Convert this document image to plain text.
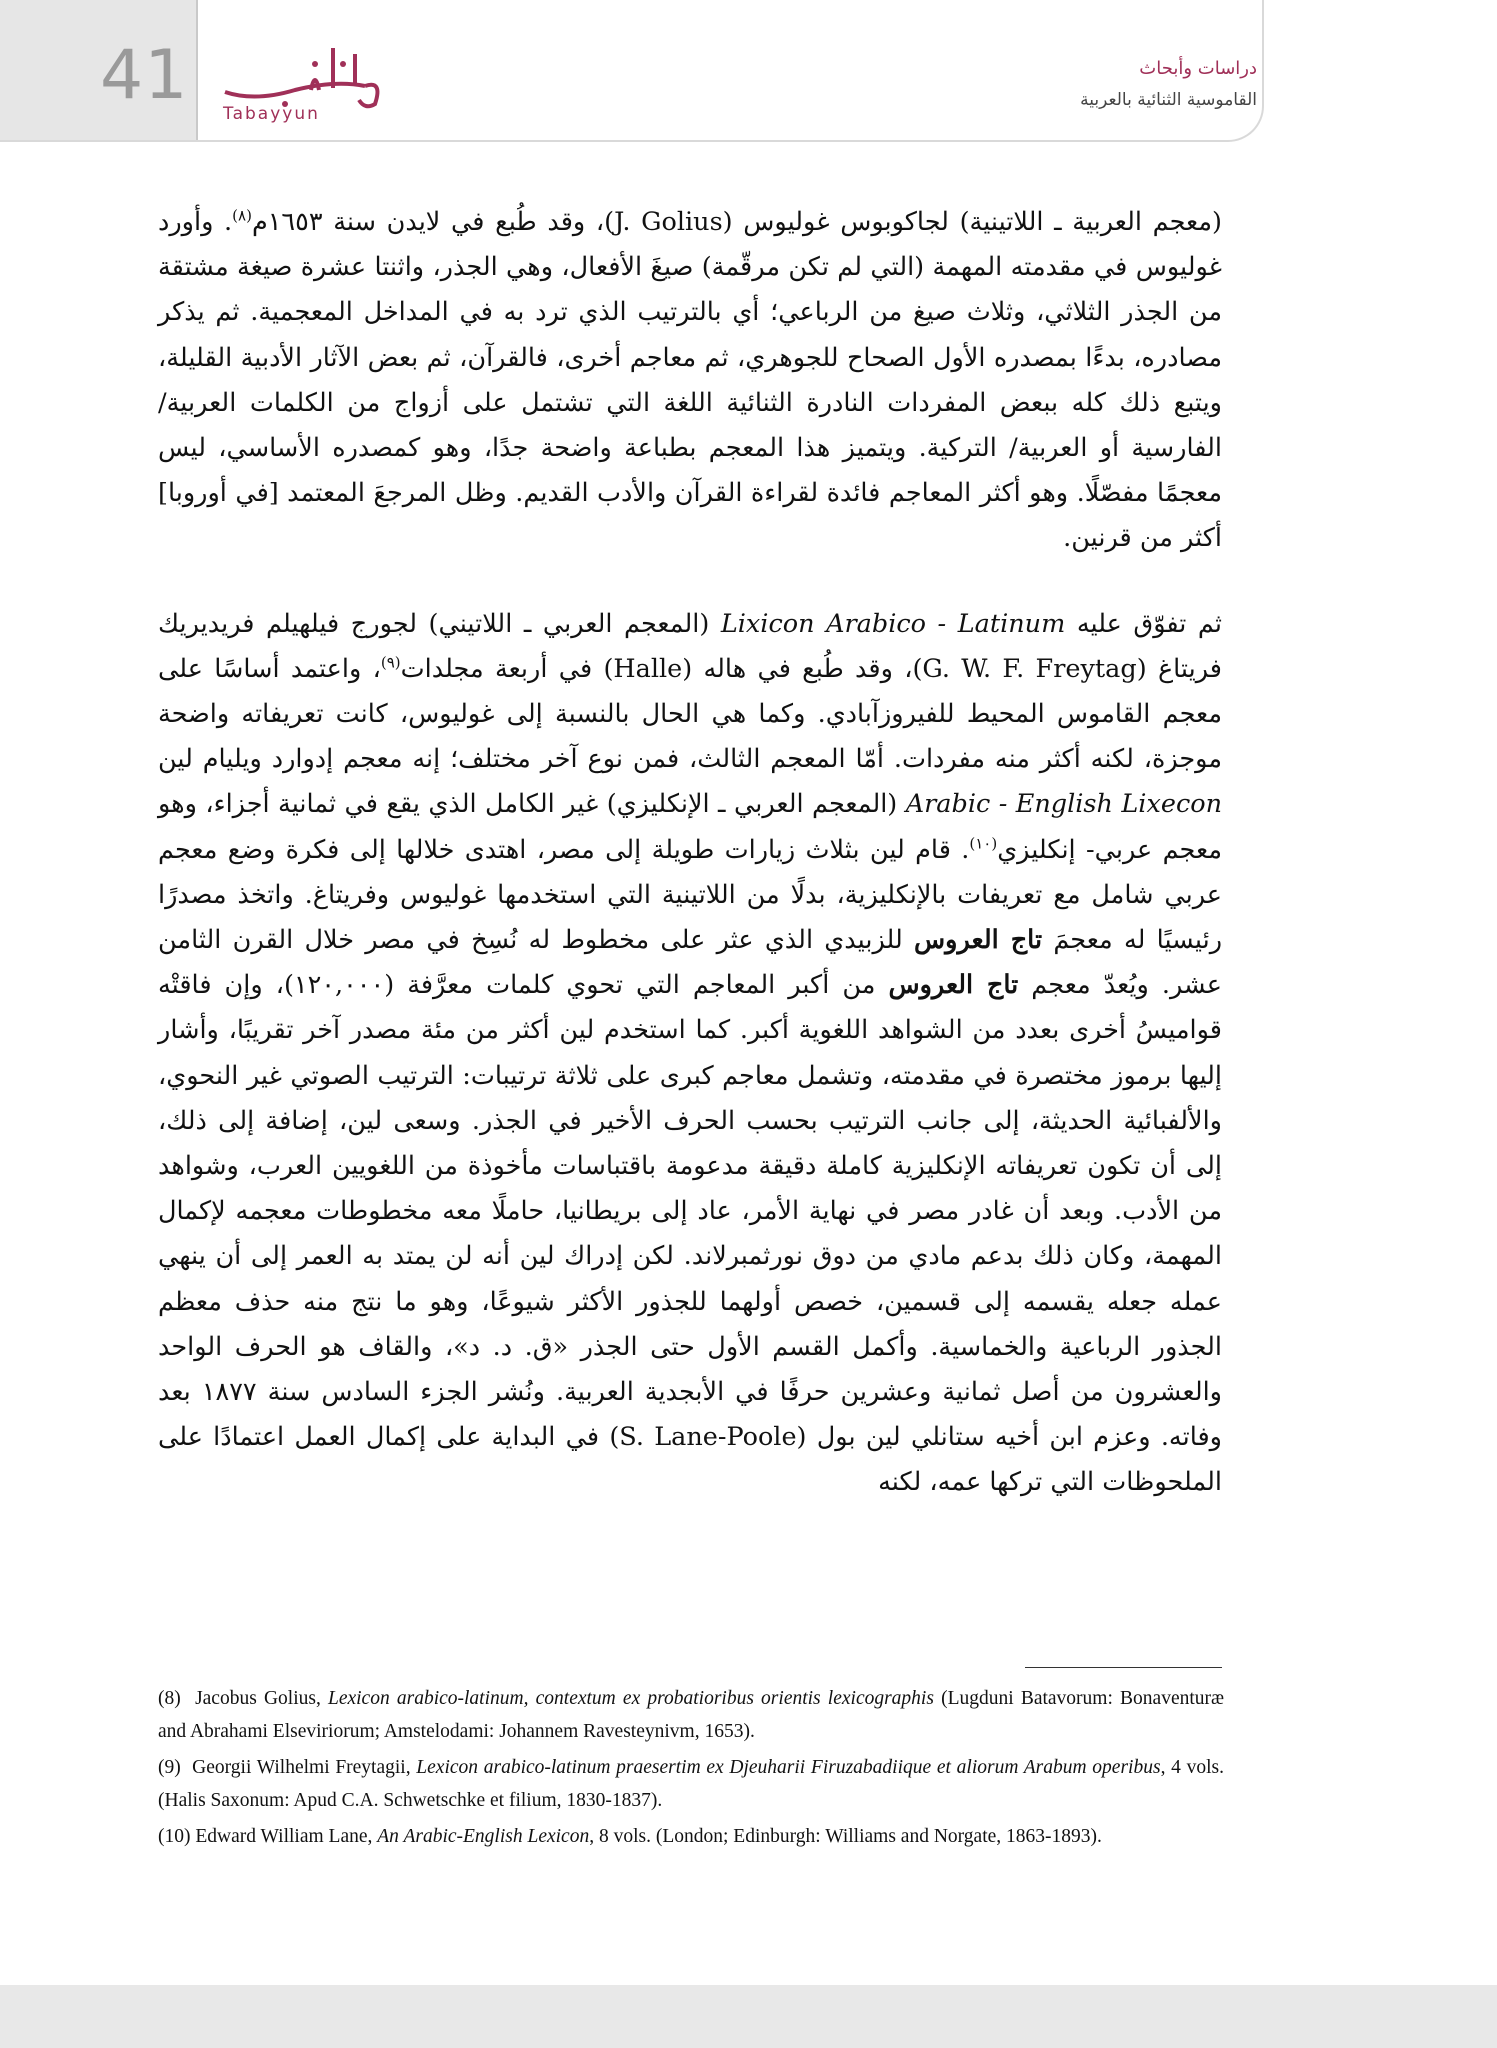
41	Tabayyun
دراسات وأبحاث
القاموسية الثنائية بالعربية

(معجم العربية ـ اللاتينية) لجاكوبوس غوليوس (J. Golius)، وقد طُبع في لايدن سنة ١٦٥٣م$^{(٨)}$. وأورد غوليوس في مقدمته المهمة (التي لم تكن مرقّمة) صيغَ الأفعال، وهي الجذر، واثنتا عشرة صيغة مشتقة من الجذر الثلاثي، وثلاث صيغ من الرباعي؛ أي بالترتيب الذي ترد به في المداخل المعجمية. ثم يذكر مصادره، بدءًا بمصدره الأول الصحاح للجوهري، ثم معاجم أخرى، فالقرآن، ثم بعض الآثار الأدبية القليلة، ويتبع ذلك كله ببعض المفردات النادرة الثنائية اللغة التي تشتمل على أزواج من الكلمات العربية/ الفارسية أو العربية/ التركية. ويتميز هذا المعجم بطباعة واضحة جدًا، وهو كمصدره الأساسي، ليس معجمًا مفصّلًا. وهو أكثر المعاجم فائدة لقراءة القرآن والأدب القديم. وظل المرجعَ المعتمد [في أوروبا] أكثر من قرنين.

ثم تفوّق عليه Lixicon Arabico - Latinum (المعجم العربي ـ اللاتيني) لجورج فيلهيلم فريديريك فريتاغ (G. W. F. Freytag)، وقد طُبع في هاله (Halle) في أربعة مجلدات$^{(٩)}$، واعتمد أساسًا على معجم القاموس المحيط للفيروزآبادي. وكما هي الحال بالنسبة إلى غوليوس، كانت تعريفاته واضحة موجزة، لكنه أكثر منه مفردات. أمّا المعجم الثالث، فمن نوع آخر مختلف؛ إنه معجم إدوارد ويليام لين Arabic - English Lixecon (المعجم العربي ـ الإنكليزي) غير الكامل الذي يقع في ثمانية أجزاء، وهو معجم عربي- إنكليزي$^{(١٠)}$. قام لين بثلاث زيارات طويلة إلى مصر، اهتدى خلالها إلى فكرة وضع معجم عربي شامل مع تعريفات بالإنكليزية، بدلًا من اللاتينية التي استخدمها غوليوس وفريتاغ. واتخذ مصدرًا رئيسيًا له معجمَ تاج العروس للزبيدي الذي عثر على مخطوط له نُسِخ في مصر خلال القرن الثامن عشر. ويُعدّ معجم تاج العروس من أكبر المعاجم التي تحوي كلمات معرَّفة (١٢٠,٠٠٠)، وإن فاقتْه قواميسُ أخرى بعدد من الشواهد اللغوية أكبر. كما استخدم لين أكثر من مئة مصدر آخر تقريبًا، وأشار إليها برموز مختصرة في مقدمته، وتشمل معاجم كبرى على ثلاثة ترتيبات: الترتيب الصوتي غير النحوي، والألفبائية الحديثة، إلى جانب الترتيب بحسب الحرف الأخير في الجذر. وسعى لين، إضافة إلى ذلك، إلى أن تكون تعريفاته الإنكليزية كاملة دقيقة مدعومة باقتباسات مأخوذة من اللغويين العرب، وشواهد من الأدب. وبعد أن غادر مصر في نهاية الأمر، عاد إلى بريطانيا، حاملًا معه مخطوطات معجمه لإكمال المهمة، وكان ذلك بدعم مادي من دوق نورثمبرلاند. لكن إدراك لين أنه لن يمتد به العمر إلى أن ينهي عمله جعله يقسمه إلى قسمين، خصص أولهما للجذور الأكثر شيوعًا، وهو ما نتج منه حذف معظم الجذور الرباعية والخماسية. وأكمل القسم الأول حتى الجذر «ق. د. د»، والقاف هو الحرف الواحد والعشرون من أصل ثمانية وعشرين حرفًا في الأبجدية العربية. ونُشر الجزء السادس سنة ١٨٧٧ بعد وفاته. وعزم ابن أخيه ستانلي لين بول (S. Lane-Poole) في البداية على إكمال العمل اعتمادًا على الملحوظات التي تركها عمه، لكنه

(8) Jacobus Golius, Lexicon arabico-latinum, contextum ex probatioribus orientis lexicographis (Lugduni Batavorum: Bonaventuræ and Abrahami Elseviriorum; Amstelodami: Johannem Ravesteynivm, 1653).

(9) Georgii Wilhelmi Freytagii, Lexicon arabico-latinum praesertim ex Djeuharii Firuzabadiique et aliorum Arabum operibus, 4 vols. (Halis Saxonum: Apud C.A. Schwetschke et filium, 1830-1837).

(10) Edward William Lane, An Arabic-English Lexicon, 8 vols. (London; Edinburgh: Williams and Norgate, 1863-1893).
